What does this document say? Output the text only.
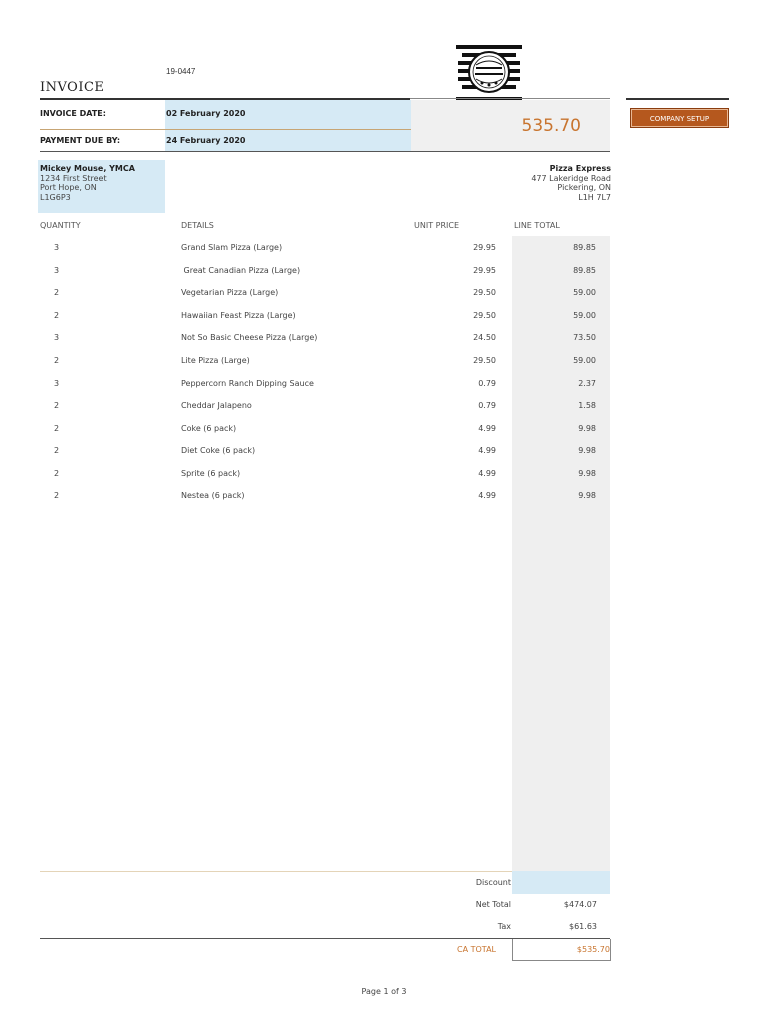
19-0447
INVOICE
INVOICE DATE:	02 February 2020
PAYMENT DUE BY:	24 February 2020
535.70	COMPANY SETUP
Mickey Mouse, YMCA
1234 First Street
Port Hope, ON
L1G6P3
Pizza Express
477 Lakeridge Road
Pickering, ON
L1H 7L7
QUANTITY	DETAILS	UNIT PRICE	LINE TOTAL
3	Grand Slam Pizza (Large)	29.95	89.85
3	Great Canadian Pizza (Large)	29.95	89.85
2	Vegetarian Pizza (Large)	29.50	59.00
2	Hawaiian Feast Pizza (Large)	29.50	59.00
3	Not So Basic Cheese Pizza (Large)	24.50	73.50
2	Lite Pizza (Large)	29.50	59.00
3	Peppercorn Ranch Dipping Sauce	0.79	2.37
2	Cheddar Jalapeno	0.79	1.58
2	Coke (6 pack)	4.99	9.98
2	Diet Coke (6 pack)	4.99	9.98
2	Sprite (6 pack)	4.99	9.98
2	Nestea (6 pack)	4.99	9.98
Discount
Net Total	$474.07
Tax	$61.63
CA TOTAL	$535.70
Page 1 of 3
